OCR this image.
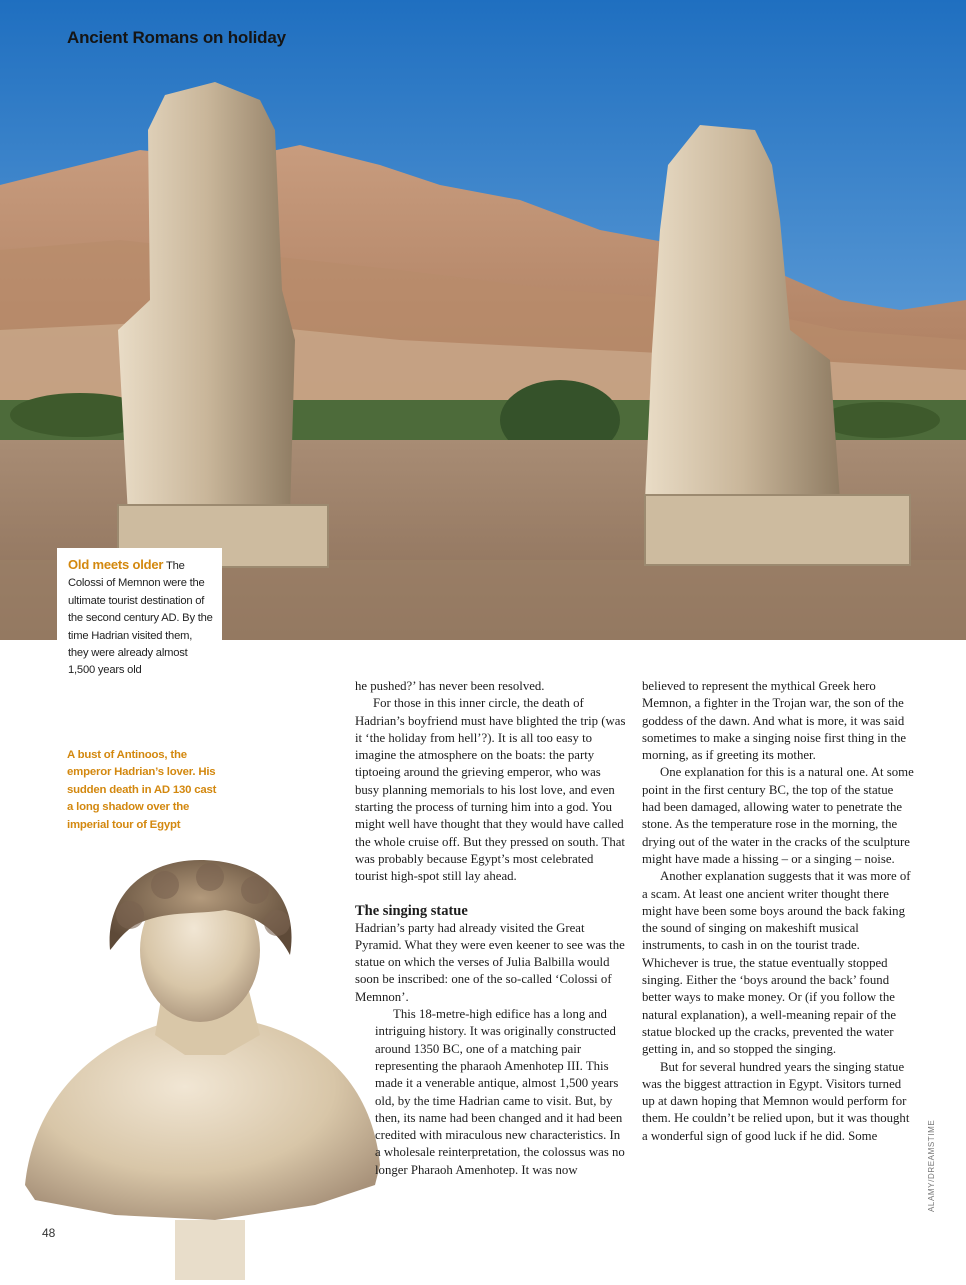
Ancient Romans on holiday
Old meets older The Colossi of Memnon were the ultimate tourist destination of the second century AD. By the time Hadrian visited them, they were already almost 1,500 years old
A bust of Antinoos, the emperor Hadrian’s lover. His sudden death in AD 130 cast a long shadow over the imperial tour of Egypt

he pushed?’ has never been resolved.

For those in this inner circle, the death of Hadrian’s boyfriend must have blighted the trip (was it ‘the holiday from hell’?). It is all too easy to imagine the atmosphere on the boats: the party tiptoeing around the grieving emperor, who was busy planning memorials to his lost love, and even starting the process of turning him into a god. You might well have thought that they would have called the whole cruise off. But they pressed on south. That was probably because Egypt’s most celebrated tourist high-spot still lay ahead.

The singing statue

Hadrian’s party had already visited the Great Pyramid. What they were even keener to see was the statue on which the verses of Julia Balbilla would soon be inscribed: one of the so-called ‘Colossi of Memnon’.

This 18-metre-high edifice has a long and intriguing history. It was originally constructed around 1350 BC, one of a matching pair representing the pharaoh Amenhotep III. This made it a venerable antique, almost 1,500 years old, by the time Hadrian came to visit. But, by then, its name had been changed and it had been credited with miraculous new characteristics. In a wholesale reinterpretation, the colossus was no longer Pharaoh Amenhotep. It was now

believed to represent the mythical Greek hero Memnon, a fighter in the Trojan war, the son of the goddess of the dawn. And what is more, it was said sometimes to make a singing noise first thing in the morning, as if greeting its mother.

One explanation for this is a natural one. At some point in the first century BC, the top of the statue had been damaged, allowing water to penetrate the stone. As the temperature rose in the morning, the drying out of the water in the cracks of the sculpture might have made a hissing – or a singing – noise.

Another explanation suggests that it was more of a scam. At least one ancient writer thought there might have been some boys around the back faking the sound of singing on makeshift musical instruments, to cash in on the tourist trade. Whichever is true, the statue eventually stopped singing. Either the ‘boys around the back’ found better ways to make money. Or (if you follow the natural explanation), a well-meaning repair of the statue blocked up the cracks, prevented the water getting in, and so stopped the singing.

But for several hundred years the singing statue was the biggest attraction in Egypt. Visitors turned up at dawn hoping that Memnon would perform for them. He couldn’t be relied upon, but it was thought a wonderful sign of good luck if he did. Some

48
ALAMY/DREAMSTIME
